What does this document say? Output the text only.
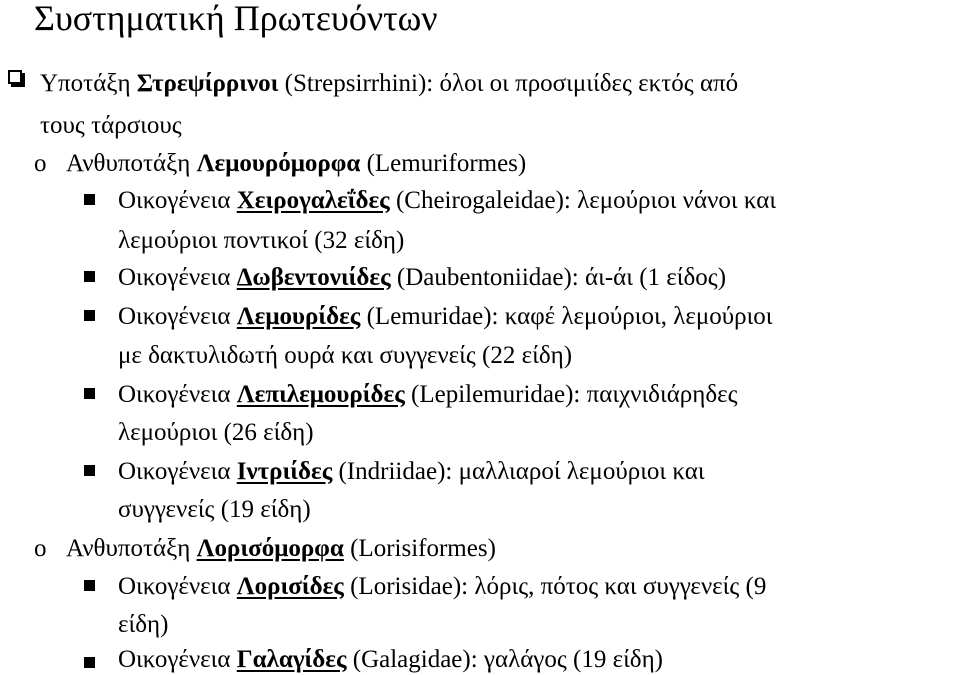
Συστηματική Πρωτευόντων
Υποτάξη Στρεψίρρινοι (Strepsirrhini): όλοι οι προσιμιίδες εκτός από
τους τάρσιους
o Ανθυποτάξη Λεμουρόμορφα (Lemuriformes)
Οικογένεια Χειρογαλεΐδες (Cheirogaleidae): λεμούριοι νάνοι και
λεμούριοι ποντικοί (32 είδη)
Οικογένεια Δωβεντονιίδες (Daubentoniidae): άι-άι (1 είδος)
Οικογένεια Λεμουρίδες (Lemuridae): καφέ λεμούριοι, λεμούριοι
με δακτυλιδωτή ουρά και συγγενείς (22 είδη)
Οικογένεια Λεπιλεμουρίδες (Lepilemuridae): παιχνιδιάρηδες
λεμούριοι (26 είδη)
Οικογένεια Ιντριίδες (Indriidae): μαλλιαροί λεμούριοι και
συγγενείς (19 είδη)
o Ανθυποτάξη Λορισόμορφα (Lorisiformes)
Οικογένεια Λορισίδες (Lorisidae): λόρις, πότος και συγγενείς (9
είδη)
Οικογένεια Γαλαγίδες (Galagidae): γαλάγος (19 είδη)
